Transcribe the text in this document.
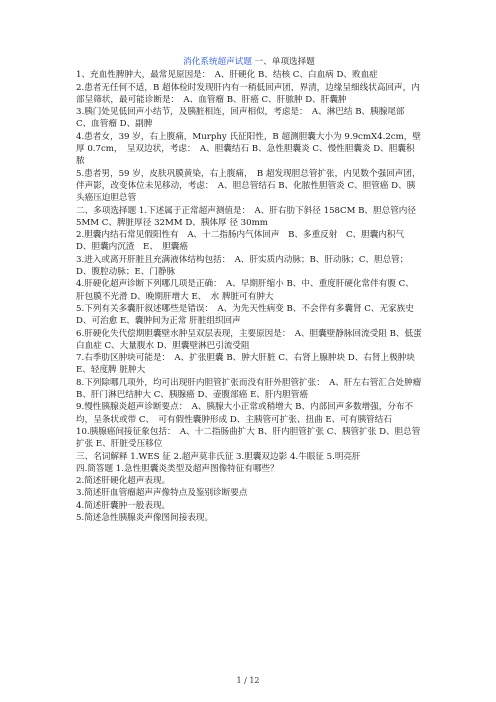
消化系统超声试题 一、单项选择题

1、充血性脾肿大，最常见原因是：　A、肝硬化 B、结核 C、白血病 D、败血症

2.患者无任何不适，B 超体检时发现肝内有一稍低回声团，界清，边缘呈细线状高回声，内 部呈筛状，最可能诊断是：　A、血管瘤 B、肝癌 C、肝脓肿 D、肝囊肿

3.胰门处见低回声小结节，及胰脏相连，回声相似，考虑是：　A、淋巴结 B、胰腺尾部 C、血管瘤 D、副脾

4.患者女，39 岁，右上腹痛，Murphy 氏征阳性，B 超测胆囊大小为 9.9cmX4.2cm，壁厚 0.7cm，　呈双边状，考虑：　A、胆囊结石 B、急性胆囊炎 C、慢性胆囊炎 D、胆囊积脓

5.患者男，59 岁，皮肤巩膜黄染，右上腹痛，　B 超发现胆总管扩张，内见数个强回声团，　伴声影，改变体位未见移动，考虑：　A、胆总管结石 B、化脓性胆管炎 C、胆管癌 D、胰头癌压迫胆总管

二、多项选择题 1.下述属于正常超声测值是：　A、肝右肋下斜径 158CM B、胆总管内径 5MM C、脾脏厚径 32MM D、胰体厚 径 30mm

2.胆囊内结石常见假阳性有　A、十二指肠内气体回声　B、多重反射　C、胆囊内积气　D、胆囊内沉渣　E、　胆囊癌

3.进入或离开肝脏且充满液体结构包括：　A、肝实质内动脉；B、肝动脉；C、胆总管；D、腹腔动脉；E、门静脉

4.肝硬化超声诊断下列哪几项是正确：　A、早期肝缩小 B、中、重度肝硬化常伴有腹 C、肝包膜不光滑 D、晚期肝增大 E、　水 脾脏可有肿大

5.下列有关多囊肝叙述哪些是错误：　A、为先天性病变 B、不会伴有多囊肾 C、无家族史 D、可治愈 E、囊肿间为正常 肝脏组织回声

6.肝硬化失代偿期胆囊壁水肿呈双层表现，主要原因是：　A、胆囊壁静脉回流受阻 B、低蛋白血症 C、大量腹水 D、胆囊壁淋巴引流受阻

7.右季肋区肿块可能是：　A、扩张胆囊 B、肿大肝脏 C、右肾上腺肿块 D、右肾上极肿块 E、轻度脾 脏肿大

8.下列除哪几项外，均可出现肝内胆管扩张而没有肝外胆管扩张：　A、肝左右管汇合处肿瘤 B、肝门淋巴结肿大 C、胰腺癌 D、壶腹部癌 E、肝内胆管癌

9.慢性胰腺炎超声诊断要点：　A、胰腺大小正常或稍增大 B、内部回声多数增强，分布不均，呈条状或带 C、　可有假性囊肿形成 D、主胰管可扩张、扭曲 E、可有胰管结石

10.胰腺癌间接征象包括：　A、十二指肠曲扩大 B、肝内胆管扩张 C、胰管扩张 D、胆总管扩张 E、肝脏受压移位

三、名词解释 1.WES 征 2.超声莫非氏征 3.胆囊双边影 4.牛眼征 5.明亮肝

四.简答题 1.急性胆囊炎类型及超声图像特征有哪些？

2.简述肝硬化超声表现。

3.简述肝血管瘤超声声像特点及鉴别诊断要点

4.简述肝囊肿一般表现。

5.简述急性胰腺炎声像图间接表现。

1 / 12
